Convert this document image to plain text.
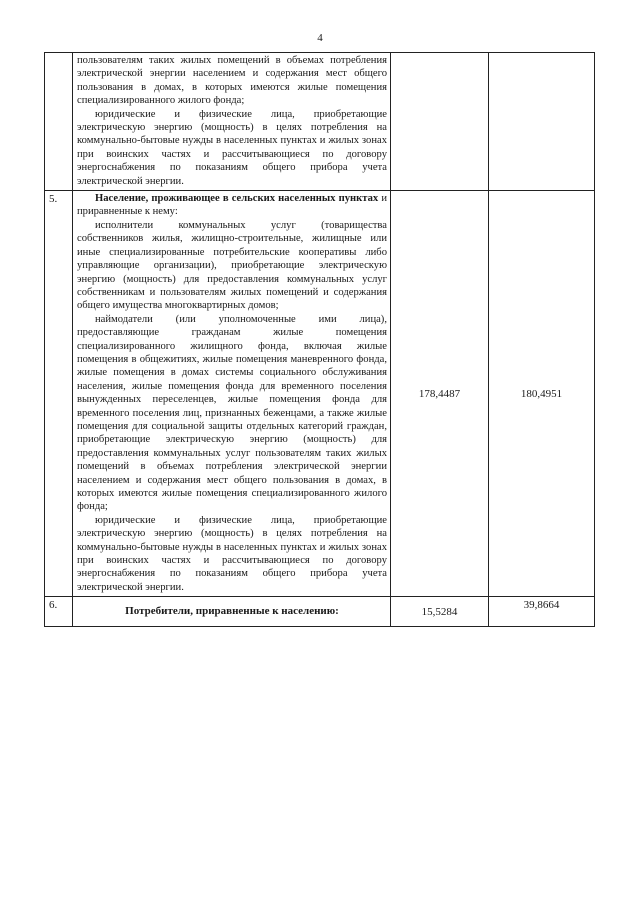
4

	пользователям таких жилых помещений в объемах потребления электрической энергии населением и содержания мест общего пользования в домах, в которых имеются жилые помещения специализированного жилого фонда;

юридические и физические лица, приобретающие электрическую энергию (мощность) в целях потребления на коммунально-бытовые нужды в населенных пунктах и жилых зонах при воинских частях и рассчитывающиеся по договору энергоснабжения по показаниям общего прибора учета электрической энергии.		

5.	Население, проживающее в сельских населенных пунктах и приравненные к нему:

исполнители коммунальных услуг (товарищества собственников жилья, жилищно-строительные, жилищные или иные специализированные потребительские кооперативы либо управляющие организации), приобретающие электрическую энергию (мощность) для предоставления коммунальных услуг собственникам и пользователям жилых помещений и содержания общего имущества многоквартирных домов;

наймодатели (или уполномоченные ими лица), предоставляющие гражданам жилые помещения специализированного жилищного фонда, включая жилые помещения в общежитиях, жилые помещения маневренного фонда, жилые помещения в домах системы социального обслуживания населения, жилые помещения фонда для временного поселения вынужденных переселенцев, жилые помещения фонда для временного поселения лиц, признанных беженцами, а также жилые помещения для социальной защиты отдельных категорий граждан, приобретающие электрическую энергию (мощность) для предоставления коммунальных услуг пользователям таких жилых помещений в объемах потребления электрической энергии населением и содержания мест общего пользования в домах, в которых имеются жилые помещения специализированного жилого фонда;

юридические и физические лица, приобретающие электрическую энергию (мощность) в целях потребления на коммунально-бытовые нужды в населенных пунктах и жилых зонах при воинских частях и рассчитывающиеся по договору энергоснабжения по показаниям общего прибора учета электрической энергии.	178,4487	180,4951
6.	Потребители, приравненные к населению:	15,5284	39,8664
